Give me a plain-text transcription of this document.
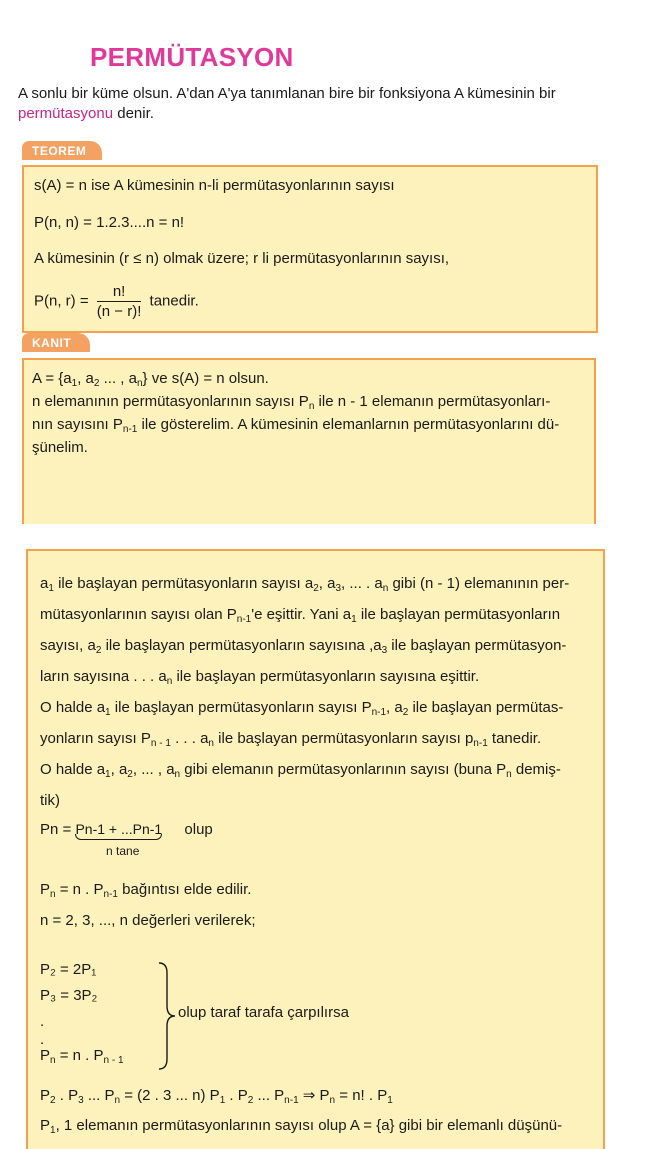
PERMÜTASYON
A sonlu bir küme olsun. A'dan A'ya tanımlanan bire bir fonksiyona A kümesinin bir
permütasyonu denir.
TEOREM
s(A) = n ise A kümesinin n-li permütasyonlarının sayısı
P(n, n) = 1.2.3....n = n!
A kümesinin (r ≤ n) olmak üzere; r li permütasyonlarının sayısı,
P(n, $r) = \frac{n!}{(n - r)!}$ tanedir.
KANIT
$A = \{a_1$, $a_2$ ... , $a_n$} ve s(A) = n olsun.
n elemanının permütasyonlarının sayısı $P_n$ ile n - 1 elemanın permütasyonları-
nın sayısını $P_{n-1}$ ile gösterelim. A kümesinin elemanlarnın permütasyonlarını dü-
şünelim.
$a_1$ ile başlayan permütasyonların sayısı $a_2$, $a_3$, ... . $a_n$ gibi (n - 1) elemanının per-
mütasyonlarının sayısı olan $P_{n-1}'e$ eşittir. Yani $a_1$ ile başlayan permütasyonların
sayısı, $a_2$ ile başlayan permütasyonların sayısına $,a_3$ ile başlayan permütasyon-
ların sayısına . . . $a_n$ ile başlayan permütasyonların sayısına eşittir.
O halde $a_1$ ile başlayan permütasyonların sayısı $P_{n-1}$, $a_2$ ile başlayan permütas-
yonların sayısı $P_{n - 1}$ . . . $a_n$ ile başlayan permütasyonların sayısı $p_{n-1}$ tanedir.
O halde $a_1$, $a_2$, ... , $a_n$ gibi elemanın permütasyonlarının sayısı (buna $P_n$ demiş-
tik)
Pn = Pn-1 + ...Pn-1 olup
n tane
$P_n = n$ . $P_{n-1}$ bağıntısı elde edilir.
n = 2, 3, ..., n değerleri verilerek;
P₂ = 2P₁
P₃ = 3P₂
.
.
$P_n = n$ . $P_{n - 1}$
olup taraf tarafa çarpılırsa
$P_2$ . $P_3$ ... $P_n = (2$ . 3 ... n) $P_1$ . $P_2$ ... $P_{n-1}$ ⇒ $P_n = n$! . $P_1$
$P_1$, 1 elemanın permütasyonlarının sayısı olup A = {a} gibi bir elemanlı düşünü-
